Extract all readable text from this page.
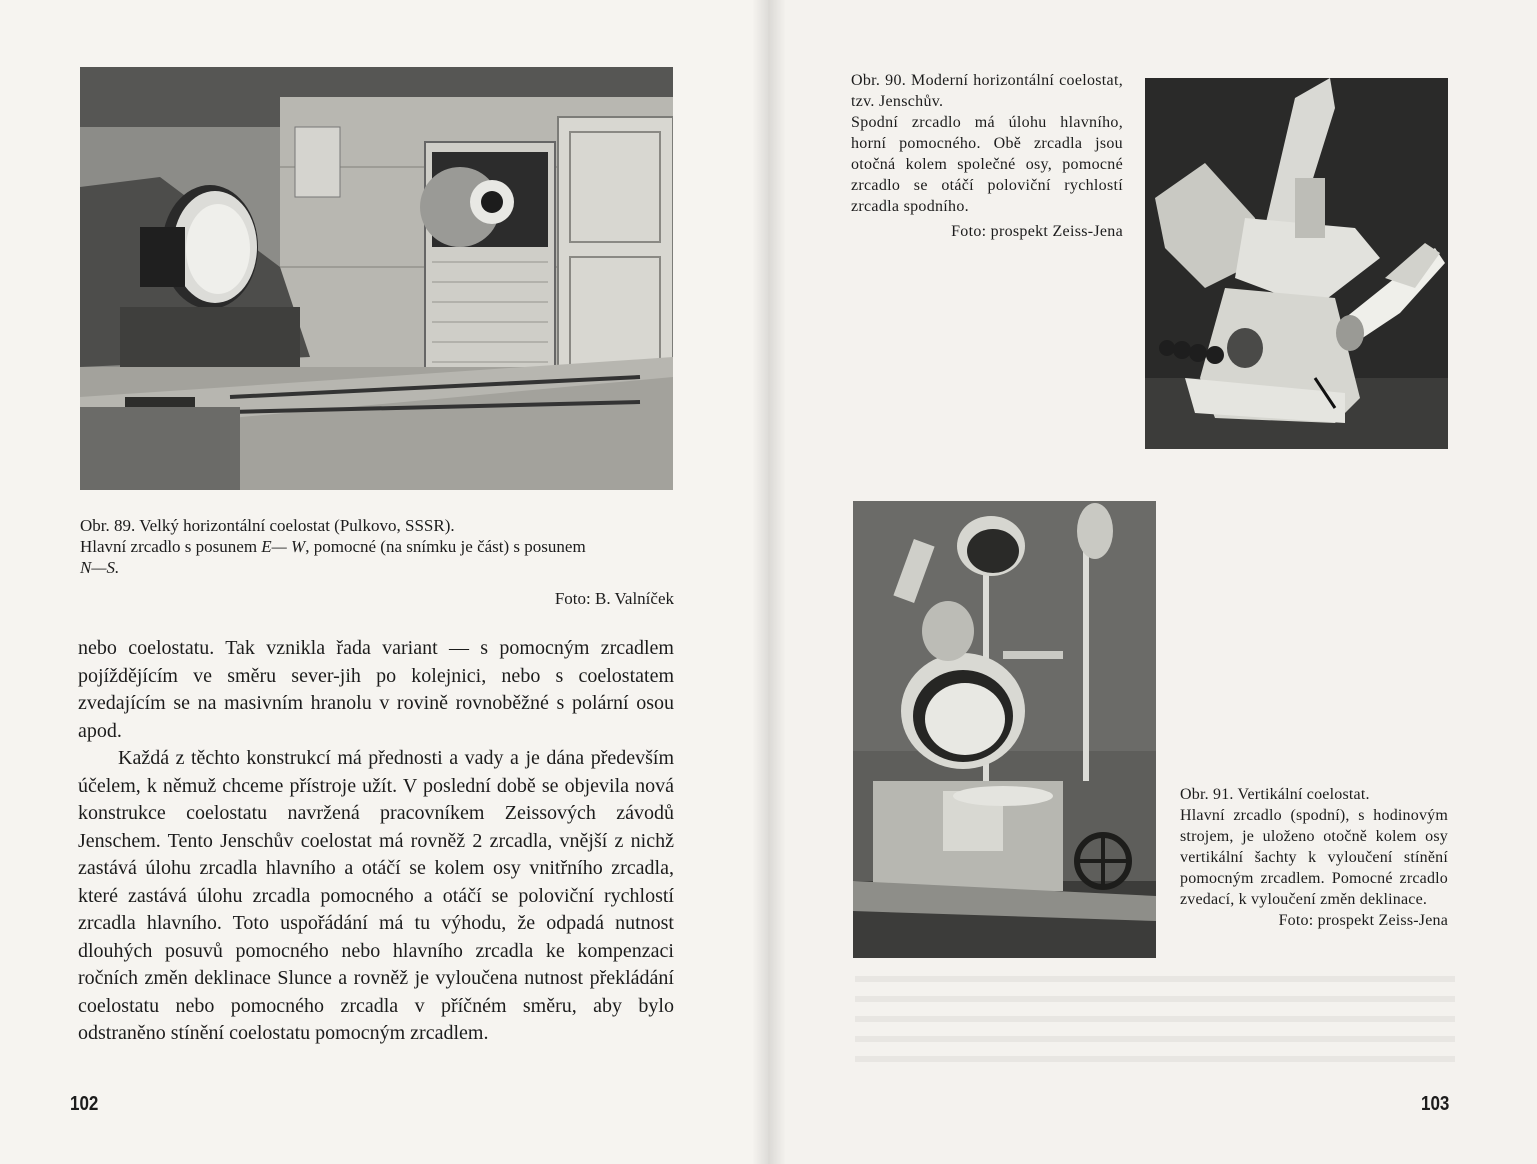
Obr. 89. Velký horizontální coelostat (Pulkovo, SSSR).

Hlavní zrcadlo s posunem E— W, pomocné (na snímku je část) s posunem

N—S.

Foto: B. Valníček

nebo coelostatu. Tak vznikla řada variant — s pomocným zrcadlem pojíždějícím ve směru sever-jih po kolejnici, nebo s coelostatem zvedajícím se na masivním hranolu v rovině rovnoběžné s polární osou apod.

Každá z těchto konstrukcí má přednosti a vady a je dána především účelem, k němuž chceme přístroje užít. V poslední době se objevila nová konstrukce coelostatu navržená pracovníkem Zeissových závodů Jenschem. Tento Jenschův coelostat má rovněž 2 zrcadla, vnější z nichž zastává úlohu zrcadla hlavního a otáčí se kolem osy vnitřního zrcadla, které zastává úlohu zrcadla pomocného a otáčí se poloviční rychlostí zrcadla hlavního. Toto uspořádání má tu výhodu, že odpadá nutnost dlouhých posuvů pomocného nebo hlavního zrcadla ke kompenzaci ročních změn deklinace Slunce a rovněž je vyloučena nutnost překládání coelostatu nebo pomocného zrcadla v příčném směru, aby bylo odstraněno stínění coelostatu pomocným zrcadlem.

102

Obr. 90. Moderní horizontální coelostat, tzv. Jenschův.

Spodní zrcadlo má úlohu hlavního, horní pomocného. Obě zrcadla jsou otočná kolem společné osy, pomocné zrcadlo se otáčí poloviční rychlostí zrcadla spodního.

Foto: prospekt Zeiss-Jena

Obr. 91. Vertikální coelostat.

Hlavní zrcadlo (spodní), s hodinovým strojem, je uloženo otočně kolem osy vertikální šachty k vyloučení stínění pomocným zrcadlem. Pomocné zrcadlo zvedací, k vyloučení změn deklinace.

Foto: prospekt Zeiss-Jena

103
